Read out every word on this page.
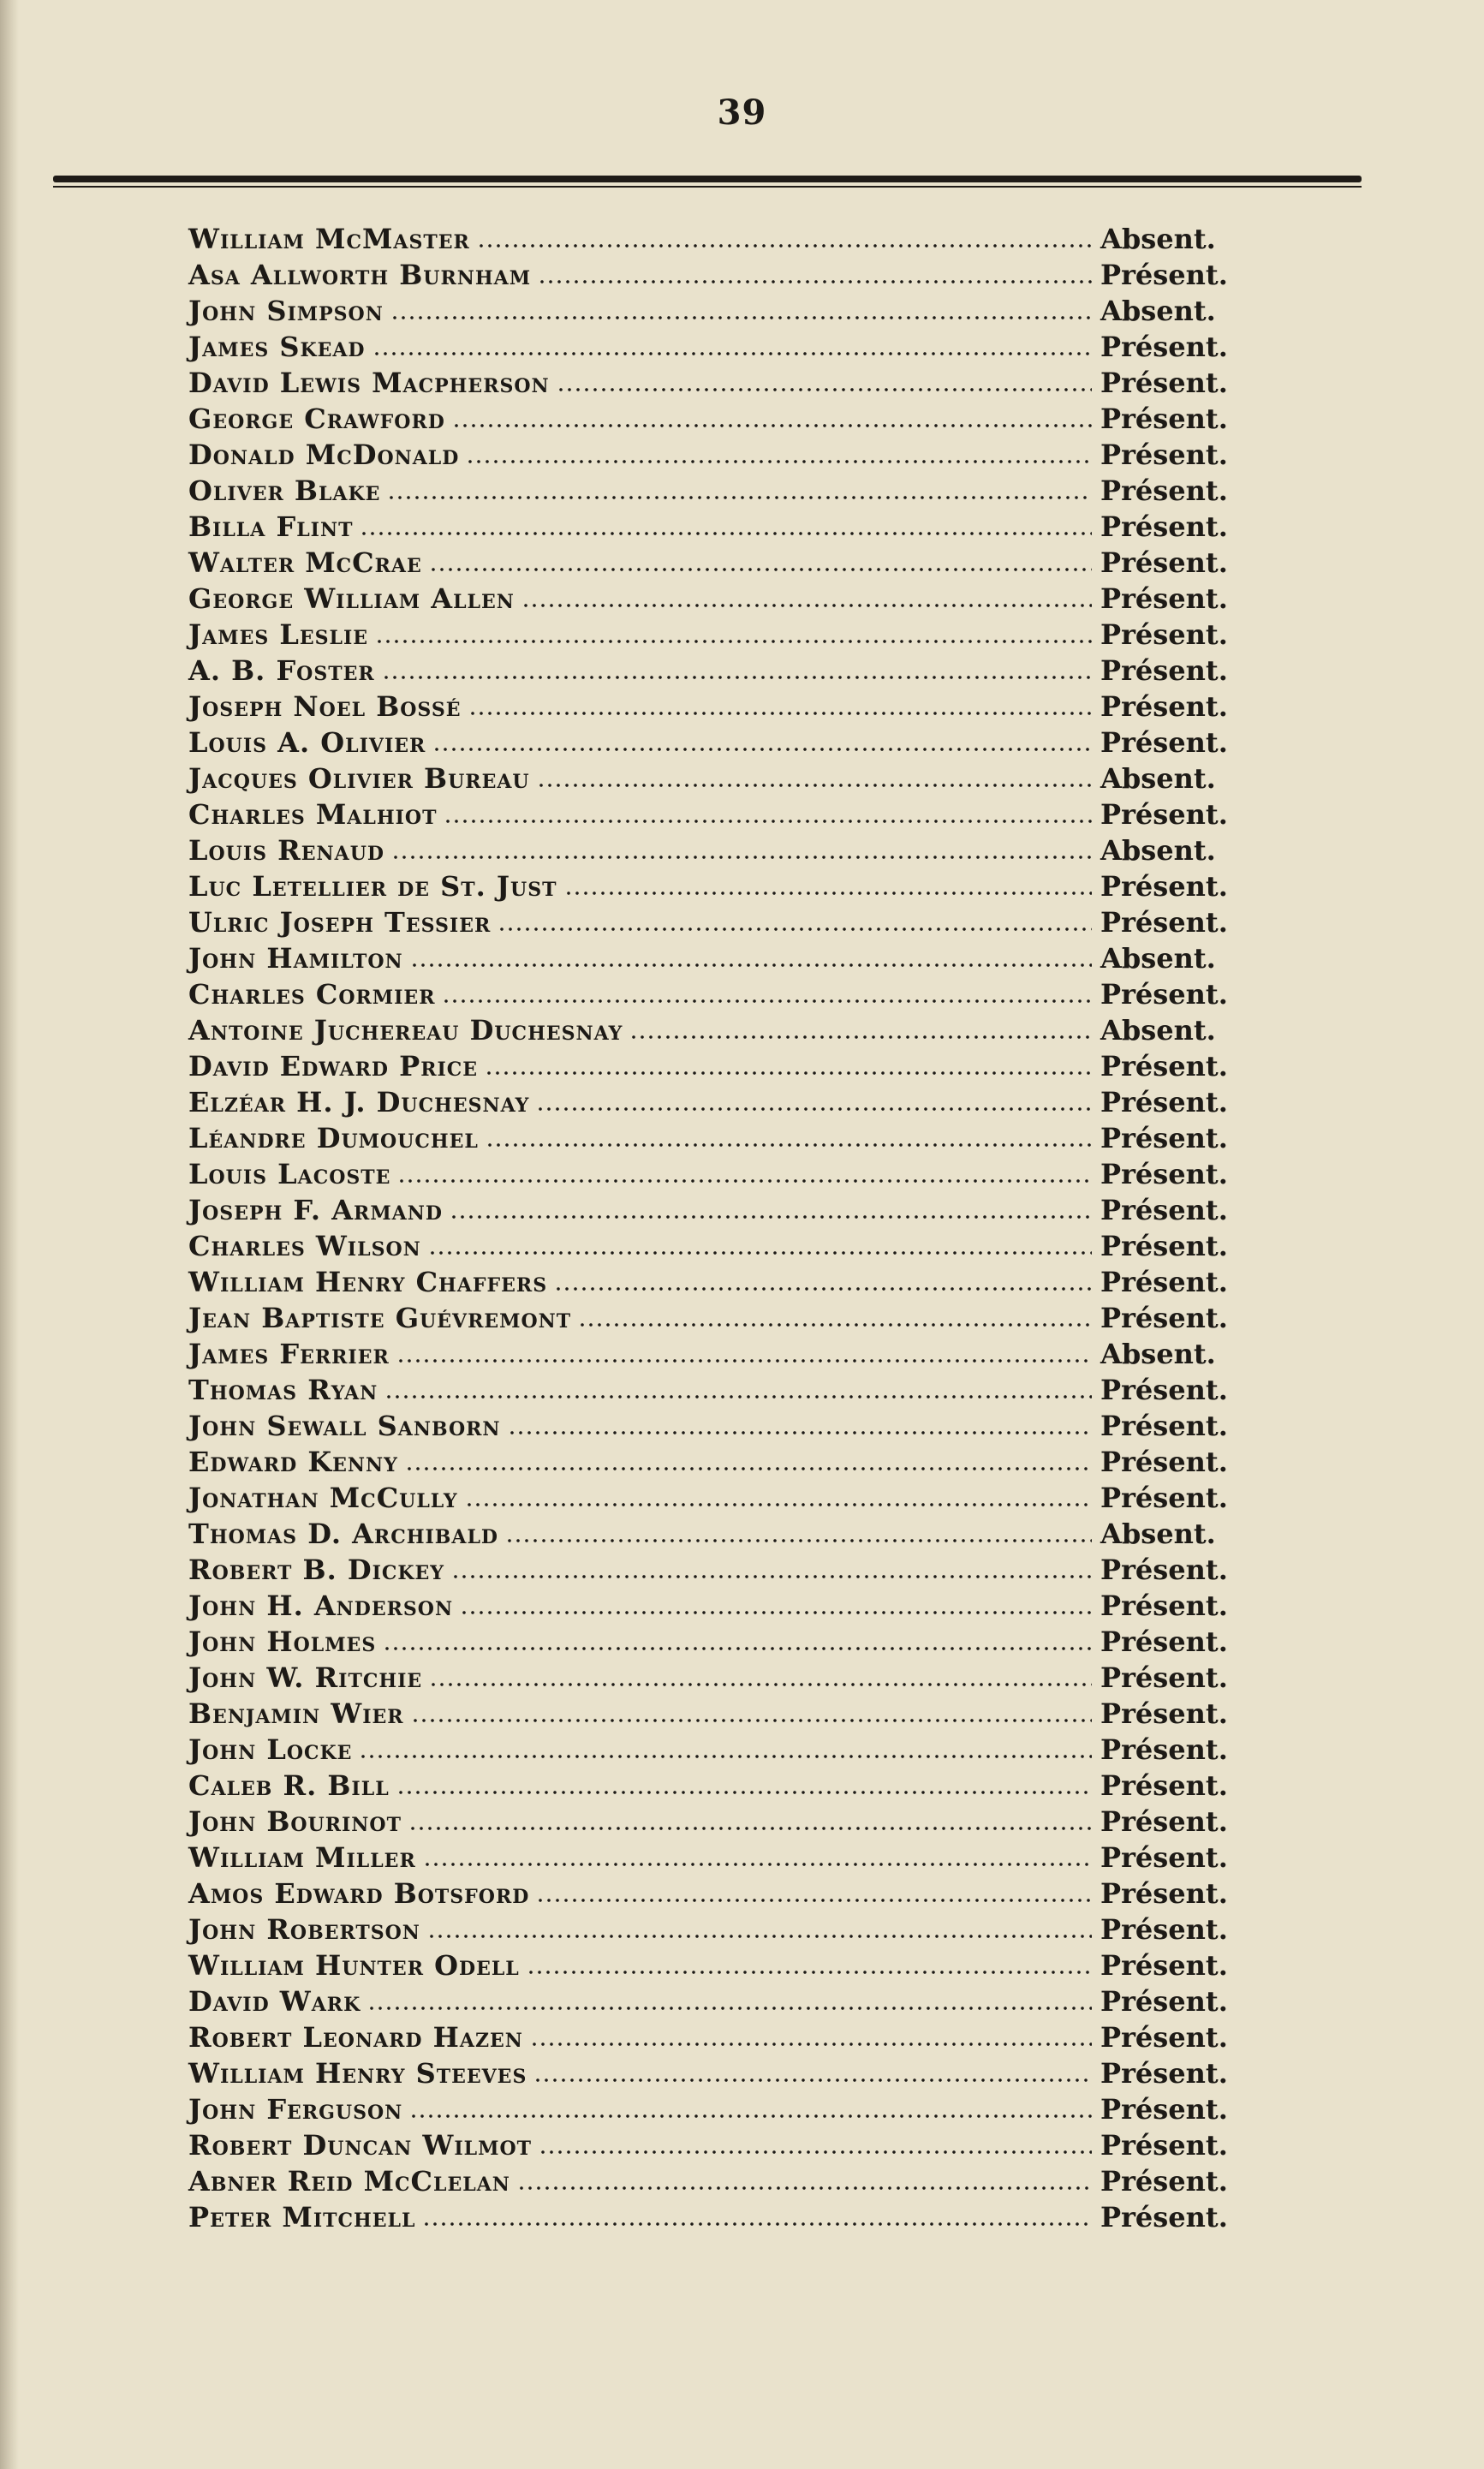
39
William McMaster	Absent.
Asa Allworth Burnham	Présent.
John Simpson	Absent.
James Skead	Présent.
David Lewis Macpherson	Présent.
George Crawford	Présent.
Donald McDonald	Présent.
Oliver Blake	Présent.
Billa Flint	Présent.
Walter McCrae	Présent.
George William Allen	Présent.
James Leslie	Présent.
A. B. Foster	Présent.
Joseph Noel Bossé	Présent.
Louis A. Olivier	Présent.
Jacques Olivier Bureau	Absent.
Charles Malhiot	Présent.
Louis Renaud	Absent.
Luc Letellier de St. Just	Présent.
Ulric Joseph Tessier	Présent.
John Hamilton	Absent.
Charles Cormier	Présent.
Antoine Juchereau Duchesnay	Absent.
David Edward Price	Présent.
Elzéar H. J. Duchesnay	Présent.
Léandre Dumouchel	Présent.
Louis Lacoste	Présent.
Joseph F. Armand	Présent.
Charles Wilson	Présent.
William Henry Chaffers	Présent.
Jean Baptiste Guévremont	Présent.
James Ferrier	Absent.
Thomas Ryan	Présent.
John Sewall Sanborn	Présent.
Edward Kenny	Présent.
Jonathan McCully	Présent.
Thomas D. Archibald	Absent.
Robert B. Dickey	Présent.
John H. Anderson	Présent.
John Holmes	Présent.
John W. Ritchie	Présent.
Benjamin Wier	Présent.
John Locke	Présent.
Caleb R. Bill	Présent.
John Bourinot	Présent.
William Miller	Présent.
Amos Edward Botsford	Présent.
John Robertson	Présent.
William Hunter Odell	Présent.
David Wark	Présent.
Robert Leonard Hazen	Présent.
William Henry Steeves	Présent.
John Ferguson	Présent.
Robert Duncan Wilmot	Présent.
Abner Reid McClelan	Présent.
Peter Mitchell	Présent.
